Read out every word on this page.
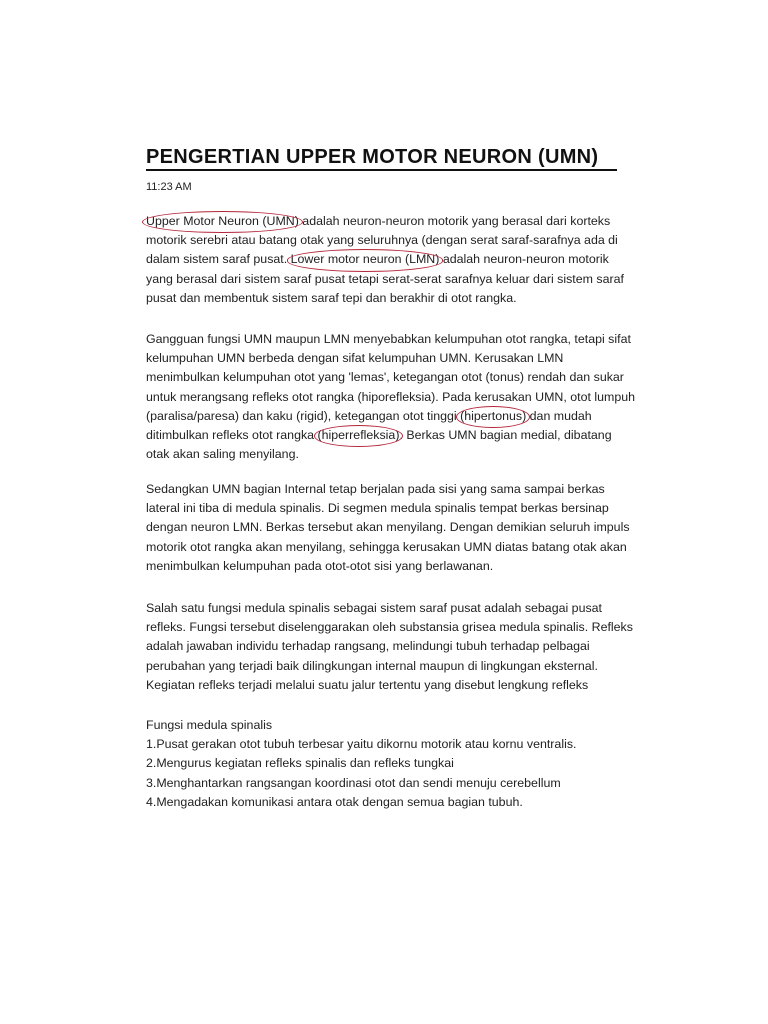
PENGERTIAN UPPER MOTOR NEURON (UMN)
11:23 AM

Upper Motor Neuron (UMN) adalah neuron-neuron motorik yang berasal dari korteks
motorik serebri atau batang otak yang seluruhnya (dengan serat saraf-sarafnya ada di
dalam sistem saraf pusat. Lower motor neuron (LMN) adalah neuron-neuron motorik
yang berasal dari sistem saraf pusat tetapi serat-serat sarafnya keluar dari sistem saraf
pusat dan membentuk sistem saraf tepi dan berakhir di otot rangka.

Gangguan fungsi UMN maupun LMN menyebabkan kelumpuhan otot rangka, tetapi sifat
kelumpuhan UMN berbeda dengan sifat kelumpuhan UMN. Kerusakan LMN
menimbulkan kelumpuhan otot yang 'lemas', ketegangan otot (tonus) rendah dan sukar
untuk merangsang refleks otot rangka (hiporefleksia). Pada kerusakan UMN, otot lumpuh
(paralisa/paresa) dan kaku (rigid), ketegangan otot tinggi (hipertonus) dan mudah
ditimbulkan refleks otot rangka (hiperrefleksia). Berkas UMN bagian medial, dibatang
otak akan saling menyilang.

Sedangkan UMN bagian Internal tetap berjalan pada sisi yang sama sampai berkas
lateral ini tiba di medula spinalis. Di segmen medula spinalis tempat berkas bersinap
dengan neuron LMN. Berkas tersebut akan menyilang. Dengan demikian seluruh impuls
motorik otot rangka akan menyilang, sehingga kerusakan UMN diatas batang otak akan
menimbulkan kelumpuhan pada otot-otot sisi yang berlawanan.

Salah satu fungsi medula spinalis sebagai sistem saraf pusat adalah sebagai pusat
refleks. Fungsi tersebut diselenggarakan oleh substansia grisea medula spinalis. Refleks
adalah jawaban individu terhadap rangsang, melindungi tubuh terhadap pelbagai
perubahan yang terjadi baik dilingkungan internal maupun di lingkungan eksternal.
Kegiatan refleks terjadi melalui suatu jalur tertentu yang disebut lengkung refleks

Fungsi medula spinalis
1.Pusat gerakan otot tubuh terbesar yaitu dikornu motorik atau kornu ventralis.
2.Mengurus kegiatan refleks spinalis dan refleks tungkai
3.Menghantarkan rangsangan koordinasi otot dan sendi menuju cerebellum
4.Mengadakan komunikasi antara otak dengan semua bagian tubuh.
